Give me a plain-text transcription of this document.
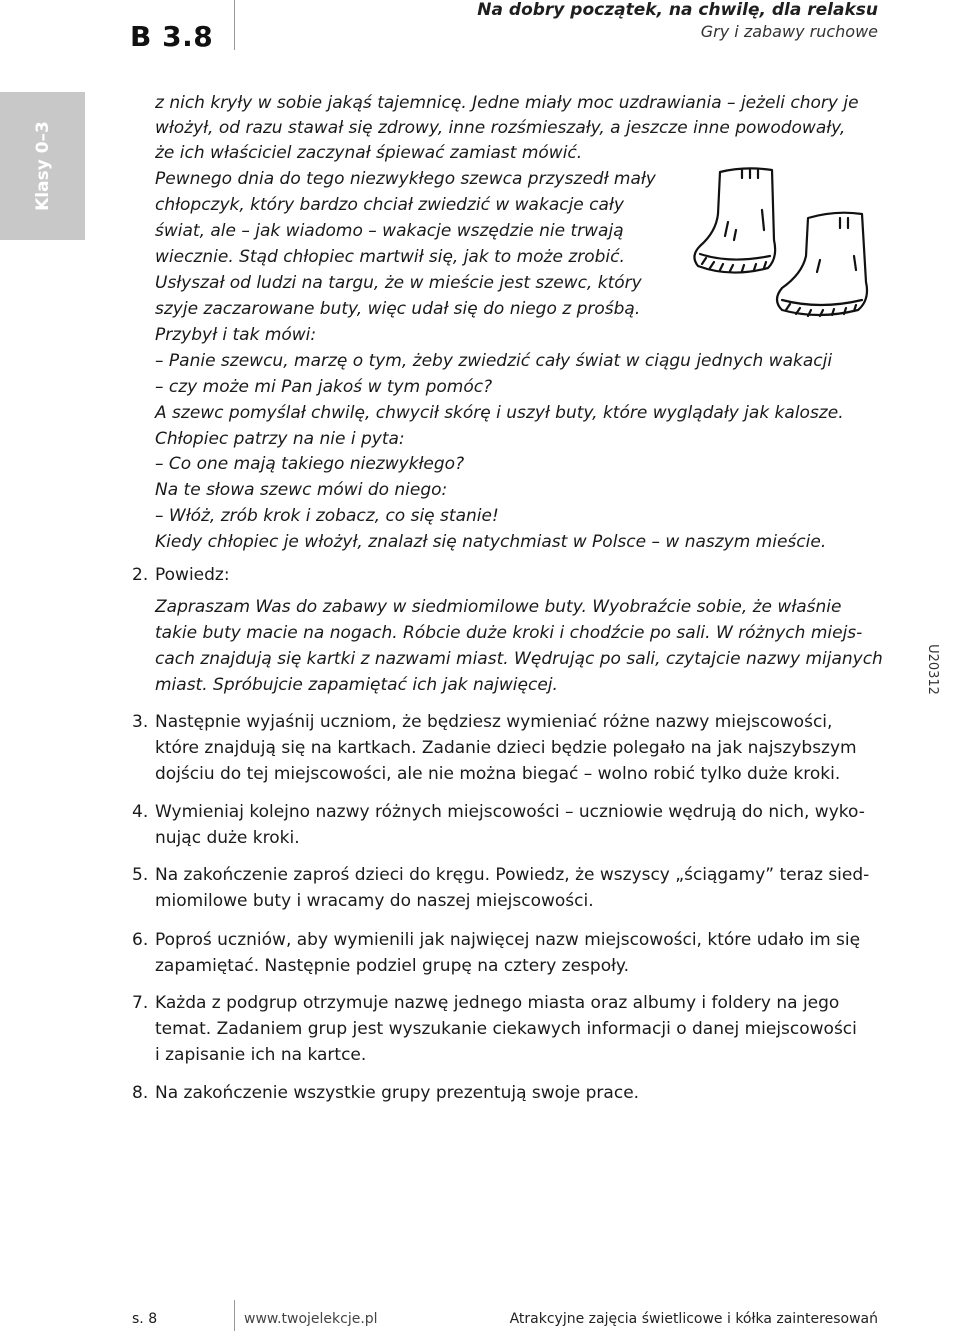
B 3.8
Na dobry początek, na chwilę, dla relaksu
Gry i zabawy ruchowe
Klasy 0–3
U20312
z nich kryły w sobie jakąś tajemnicę. Jedne miały moc uzdrawiania – jeżeli chory je
włożył, od razu stawał się zdrowy, inne rozśmieszały, a jeszcze inne powodowały,
że ich właściciel zaczynał śpiewać zamiast mówić.
Pewnego dnia do tego niezwykłego szewca przyszedł mały
chłopczyk, który bardzo chciał zwiedzić w wakacje cały
świat, ale – jak wiadomo – wakacje wszędzie nie trwają
wiecznie. Stąd chłopiec martwił się, jak to może zrobić.
Usłyszał od ludzi na targu, że w mieście jest szewc, który
szyje zaczarowane buty, więc udał się do niego z prośbą.
Przybył i tak mówi:
– Panie szewcu, marzę o tym, żeby zwiedzić cały świat w ciągu jednych wakacji
– czy może mi Pan jakoś w tym pomóc?
A szewc pomyślał chwilę, chwycił skórę i uszył buty, które wyglądały jak kalosze.
Chłopiec patrzy na nie i pyta:
– Co one mają takiego niezwykłego?
Na te słowa szewc mówi do niego:
– Włóż, zrób krok i zobacz, co się stanie!
Kiedy chłopiec je włożył, znalazł się natychmiast w Polsce – w naszym mieście.
2. Powiedz:
Zapraszam Was do zabawy w siedmiomilowe buty. Wyobraźcie sobie, że właśnie
takie buty macie na nogach. Róbcie duże kroki i chodźcie po sali. W różnych miejs-
cach znajdują się kartki z nazwami miast. Wędrując po sali, czytajcie nazwy mijanych
miast. Spróbujcie zapamiętać ich jak najwięcej.
3. Następnie wyjaśnij uczniom, że będziesz wymieniać różne nazwy miejscowości,
które znajdują się na kartkach. Zadanie dzieci będzie polegało na jak najszybszym
dojściu do tej miejscowości, ale nie można biegać – wolno robić tylko duże kroki.
4. Wymieniaj kolejno nazwy różnych miejscowości – uczniowie wędrują do nich, wyko-
nując duże kroki.
5. Na zakończenie zaproś dzieci do kręgu. Powiedz, że wszyscy „ściągamy” teraz sied-
miomilowe buty i wracamy do naszej miejscowości.
6. Poproś uczniów, aby wymienili jak najwięcej nazw miejscowości, które udało im się
zapamiętać. Następnie podziel grupę na cztery zespoły.
7. Każda z podgrup otrzymuje nazwę jednego miasta oraz albumy i foldery na jego
temat. Zadaniem grup jest wyszukanie ciekawych informacji o danej miejscowości
i zapisanie ich na kartce.
8. Na zakończenie wszystkie grupy prezentują swoje prace.
s. 8	www.twojelekcje.pl	Atrakcyjne zajęcia świetlicowe i kółka zainteresowań
